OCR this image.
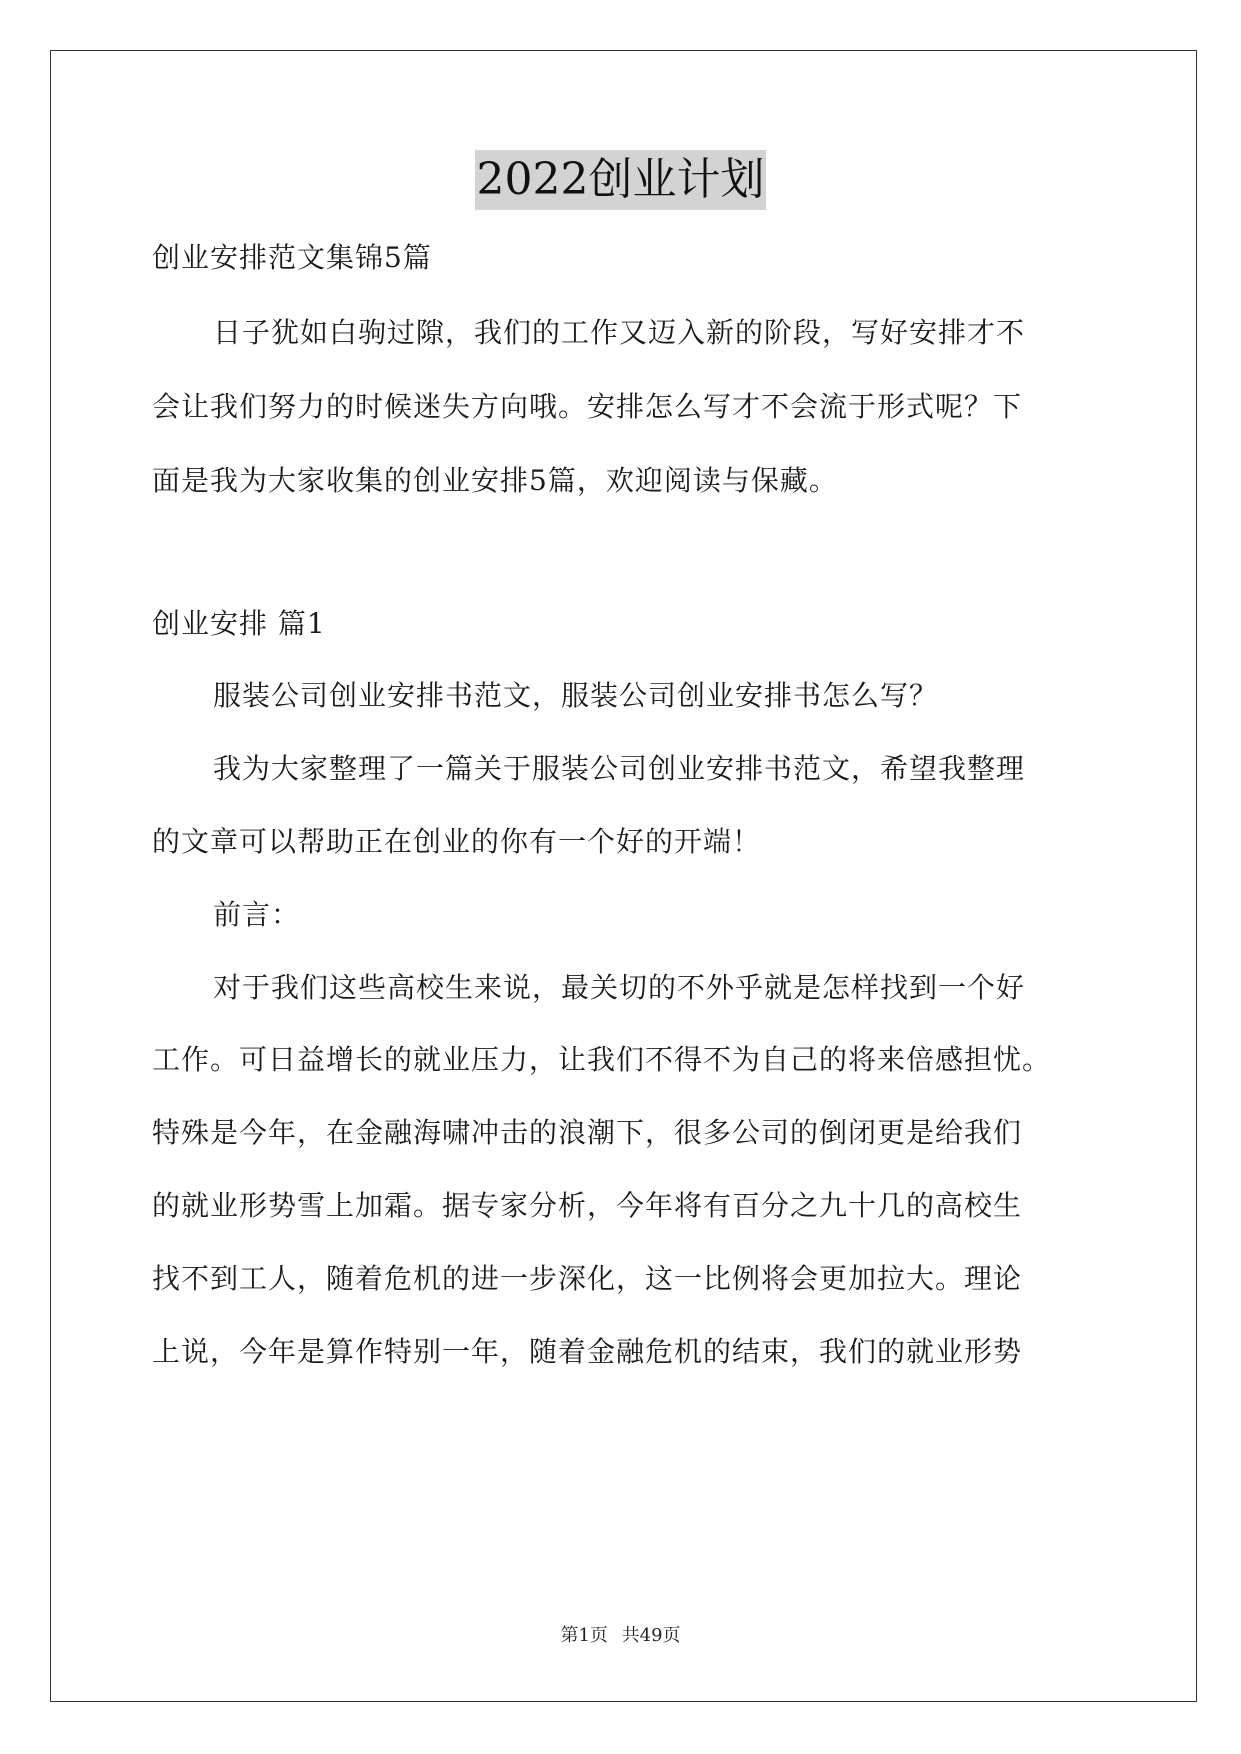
2022创业计划
创业安排范文集锦5篇
日子犹如白驹过隙，我们的工作又迈入新的阶段，写好安排才不
会让我们努力的时候迷失方向哦。安排怎么写才不会流于形式呢？下
面是我为大家收集的创业安排5篇，欢迎阅读与保藏。
创业安排 篇1
服装公司创业安排书范文，服装公司创业安排书怎么写？
我为大家整理了一篇关于服装公司创业安排书范文，希望我整理
的文章可以帮助正在创业的你有一个好的开端！
前言：
对于我们这些高校生来说，最关切的不外乎就是怎样找到一个好
工作。可日益增长的就业压力，让我们不得不为自己的将来倍感担忧。
特殊是今年，在金融海啸冲击的浪潮下，很多公司的倒闭更是给我们
的就业形势雪上加霜。据专家分析，今年将有百分之九十几的高校生
找不到工人，随着危机的进一步深化，这一比例将会更加拉大。理论
上说，今年是算作特别一年，随着金融危机的结束，我们的就业形势
第1页 共49页
